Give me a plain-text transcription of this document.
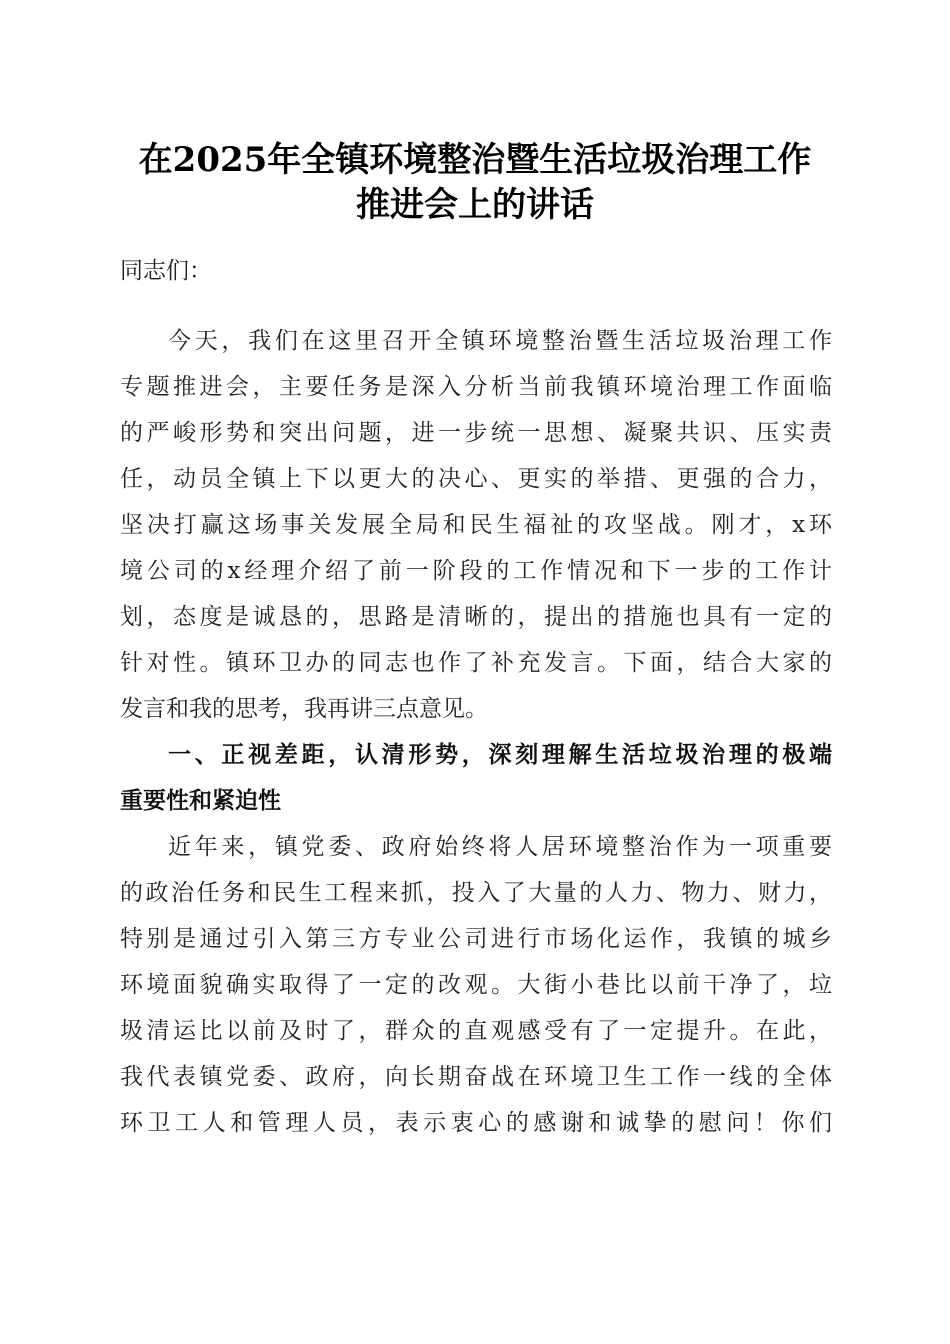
在2025年全镇环境整治暨生活垃圾治理工作
推进会上的讲话
同志们：
今天，我们在这里召开全镇环境整治暨生活垃圾治理工作
专题推进会，主要任务是深入分析当前我镇环境治理工作面临
的严峻形势和突出问题，进一步统一思想、凝聚共识、压实责
任，动员全镇上下以更大的决心、更实的举措、更强的合力，
坚决打赢这场事关发展全局和民生福祉的攻坚战。刚才，x环
境公司的x经理介绍了前一阶段的工作情况和下一步的工作计
划，态度是诚恳的，思路是清晰的，提出的措施也具有一定的
针对性。镇环卫办的同志也作了补充发言。下面，结合大家的
发言和我的思考，我再讲三点意见。
一、正视差距，认清形势，深刻理解生活垃圾治理的极端
重要性和紧迫性
近年来，镇党委、政府始终将人居环境整治作为一项重要
的政治任务和民生工程来抓，投入了大量的人力、物力、财力，
特别是通过引入第三方专业公司进行市场化运作，我镇的城乡
环境面貌确实取得了一定的改观。大街小巷比以前干净了，垃
圾清运比以前及时了，群众的直观感受有了一定提升。在此，
我代表镇党委、政府，向长期奋战在环境卫生工作一线的全体
环卫工人和管理人员，表示衷心的感谢和诚挚的慰问！你们
